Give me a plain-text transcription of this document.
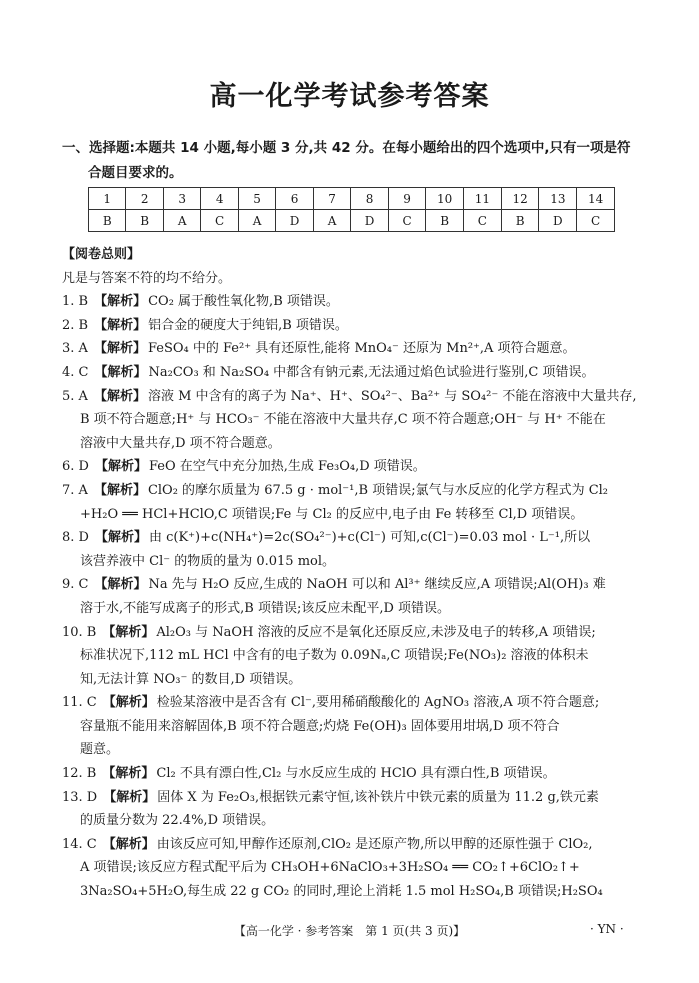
高一化学考试参考答案
一、选择题:本题共 14 小题,每小题 3 分,共 42 分。在每小题给出的四个选项中,只有一项是符
合题目要求的。
1	2	3	4	5	6	7	8	9	10	11	12	13	14
B	B	A	C	A	D	A	D	C	B	C	B	D	C
【阅卷总则】
凡是与答案不符的均不给分。
1. B 【解析】 CO₂ 属于酸性氧化物,B 项错误。
2. B 【解析】 铝合金的硬度大于纯铝,B 项错误。
3. A 【解析】 FeSO₄ 中的 Fe²⁺ 具有还原性,能将 MnO₄⁻ 还原为 Mn²⁺,A 项符合题意。
4. C 【解析】 Na₂CO₃ 和 Na₂SO₄ 中都含有钠元素,无法通过焰色试验进行鉴别,C 项错误。
5. A 【解析】 溶液 M 中含有的离子为 Na⁺、H⁺、SO₄²⁻、Ba²⁺ 与 SO₄²⁻ 不能在溶液中大量共存,
B 项不符合题意;H⁺ 与 HCO₃⁻ 不能在溶液中大量共存,C 项不符合题意;OH⁻ 与 H⁺ 不能在
溶液中大量共存,D 项不符合题意。
6. D 【解析】 FeO 在空气中充分加热,生成 Fe₃O₄,D 项错误。
7. A 【解析】 ClO₂ 的摩尔质量为 67.5 g · mol⁻¹,B 项错误;氯气与水反应的化学方程式为 Cl₂
+H₂O ══ HCl+HClO,C 项错误;Fe 与 Cl₂ 的反应中,电子由 Fe 转移至 Cl,D 项错误。
8. D 【解析】 由 c(K⁺)+c(NH₄⁺)=2c(SO₄²⁻)+c(Cl⁻) 可知,c(Cl⁻)=0.03 mol · L⁻¹,所以
该营养液中 Cl⁻ 的物质的量为 0.015 mol。
9. C 【解析】 Na 先与 H₂O 反应,生成的 NaOH 可以和 Al³⁺ 继续反应,A 项错误;Al(OH)₃ 难
溶于水,不能写成离子的形式,B 项错误;该反应未配平,D 项错误。
10. B 【解析】 Al₂O₃ 与 NaOH 溶液的反应不是氧化还原反应,未涉及电子的转移,A 项错误;
标准状况下,112 mL HCl 中含有的电子数为 0.09Nₐ,C 项错误;Fe(NO₃)₂ 溶液的体积未
知,无法计算 NO₃⁻ 的数目,D 项错误。
11. C 【解析】 检验某溶液中是否含有 Cl⁻,要用稀硝酸酸化的 AgNO₃ 溶液,A 项不符合题意;
容量瓶不能用来溶解固体,B 项不符合题意;灼烧 Fe(OH)₃ 固体要用坩埚,D 项不符合
题意。
12. B 【解析】 Cl₂ 不具有漂白性,Cl₂ 与水反应生成的 HClO 具有漂白性,B 项错误。
13. D 【解析】 固体 X 为 Fe₂O₃,根据铁元素守恒,该补铁片中铁元素的质量为 11.2 g,铁元素
的质量分数为 22.4%,D 项错误。
14. C 【解析】 由该反应可知,甲醇作还原剂,ClO₂ 是还原产物,所以甲醇的还原性强于 ClO₂,
A 项错误;该反应方程式配平后为 CH₃OH+6NaClO₃+3H₂SO₄ ══ CO₂↑+6ClO₂↑+
3Na₂SO₄+5H₂O,每生成 22 g CO₂ 的同时,理论上消耗 1.5 mol H₂SO₄,B 项错误;H₂SO₄
【高一化学 · 参考答案　第 1 页(共 3 页)】	· YN ·
